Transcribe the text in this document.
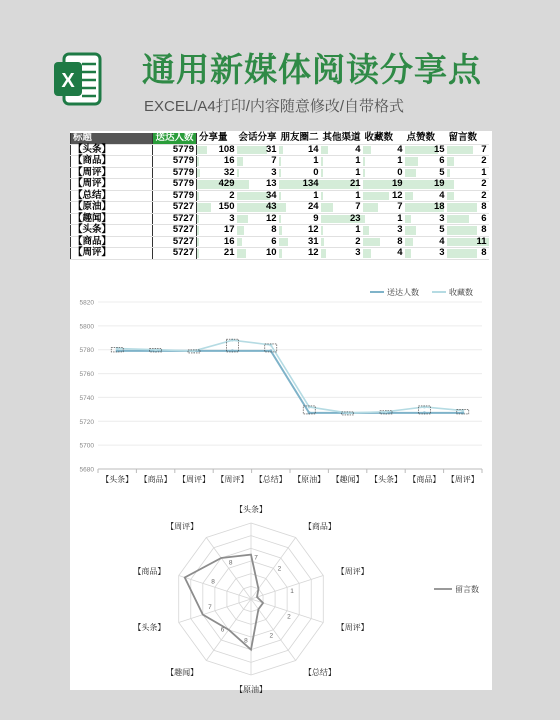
X 通用新媒体阅读分享点
EXCEL/A4打印/内容随意修改/自带格式
标题	送达人数	分享量	会话分享	朋友圈二	其他渠道	收藏数	点赞数	留言数
【头条】	5779	108	31	14	4	4	15	7
【商品】	5779	16	7	1	1	1	6	2
【周评】	5779	32	3	0	1	0	5	1
【周评】	5779	429	13	134	21	19	19	2
【总结】	5779	2	34	1	1	12	4	2
【原油】	5727	150	43	24	7	7	18	8
【趣闻】	5727	3	12	9	23	1	3	6
【头条】	5727	17	8	12	1	3	5	8
【商品】	5727	16	6	31	2	8	4	11
【周评】	5727	21	10	12	3	4	3	8
5680
5700
5720
5740
5760
5780
5800
5820
【头条】 【商品】 【周评】 【周评】 【总结】 【原油】 【趣闻】 【头条】 【商品】 【周评】
送达人数	收藏数
【头条】
【商品】
【周评】
【周评】
【总结】
【原油】
【趣闻】
【头条】
【商品】
【周评】
7
2
1
2
2
8
6
7
8
8
留言数
